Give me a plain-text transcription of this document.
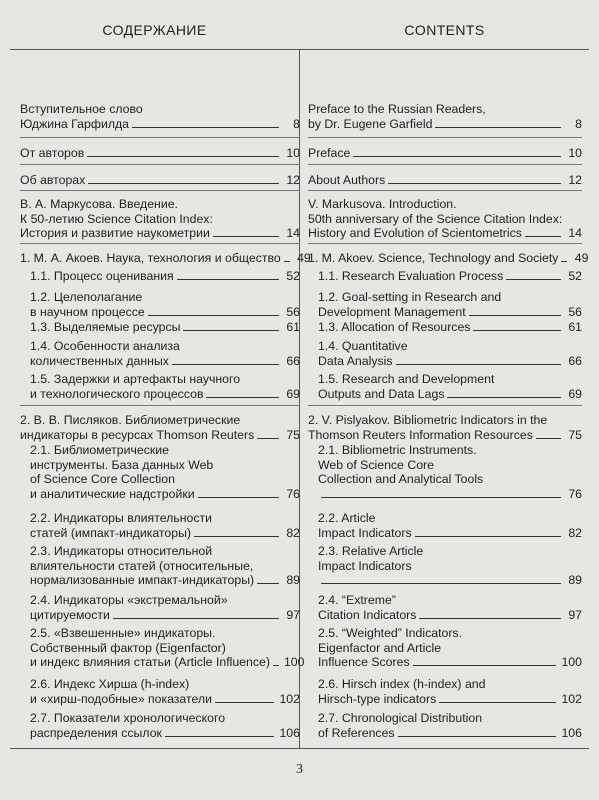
СОДЕРЖАНИЕ	CONTENTS
Вступительное слово
Юджина Гарфилда	8
От авторов	10
Об авторах	12
В. А. Маркусова. Введение.
К 50-летию Science Citation Index:
История и развитие наукометрии	14
1. М. А. Акоев. Наука, технология и общество 49
1.1. Процесс оценивания	52
1.2. Целеполагание
в научном процессе	56
1.3. Выделяемые ресурсы	61
1.4. Особенности анализа
количественных данных	66
1.5. Задержки и артефакты научного
и технологического процессов	69
2. В. В. Писляков. Библиометрические
индикаторы в ресурсах Thomson Reuters	75
2.1. Библиометрические
инструменты. База данных Web
of Science Core Collection
и аналитические надстройки	76
2.2. Индикаторы влиятельности
статей (импакт-индикаторы)	82
2.3. Индикаторы относительной
влиятельности статей (относительные,
нормализованные импакт-индикаторы)	89
2.4. Индикаторы «экстремальной»
цитируемости	97
2.5. «Взвешенные» индикаторы.
Собственный фактор (Eigenfactor)
и индекс влияния статьи (Article Influence) 100
2.6. Индекс Хирша (h-index)
и «хирш-подобные» показатели	102
2.7. Показатели хронологического
распределения ссылок	106
Preface to the Russian Readers,
by Dr. Eugene Garfield	8
Preface	10
About Authors	12
V. Markusova. Introduction.
50th anniversary of the Science Citation Index:
History and Evolution of Scientometrics	14
1. M. Akoev. Science, Technology and Society 49
1.1. Research Evaluation Process	52
1.2. Goal-setting in Research and
Development Management	56
1.3. Allocation of Resources	61
1.4. Quantitative
Data Analysis	66
1.5. Research and Development
Outputs and Data Lags	69
2. V. Pislyakov. Bibliometric Indicators in the
Thomson Reuters Information Resources	75
2.1. Bibliometric Instruments.
Web of Science Core
Collection and Analytical Tools
76
2.2. Article
Impact Indicators	82
2.3. Relative Article
Impact Indicators
89
2.4. “Extreme”
Citation Indicators	97
2.5. “Weighted” Indicators.
Eigenfactor and Article
Influence Scores	100
2.6. Hirsch index (h-index) and
Hirsch-type indicators	102
2.7. Chronological Distribution
of References	106
3
